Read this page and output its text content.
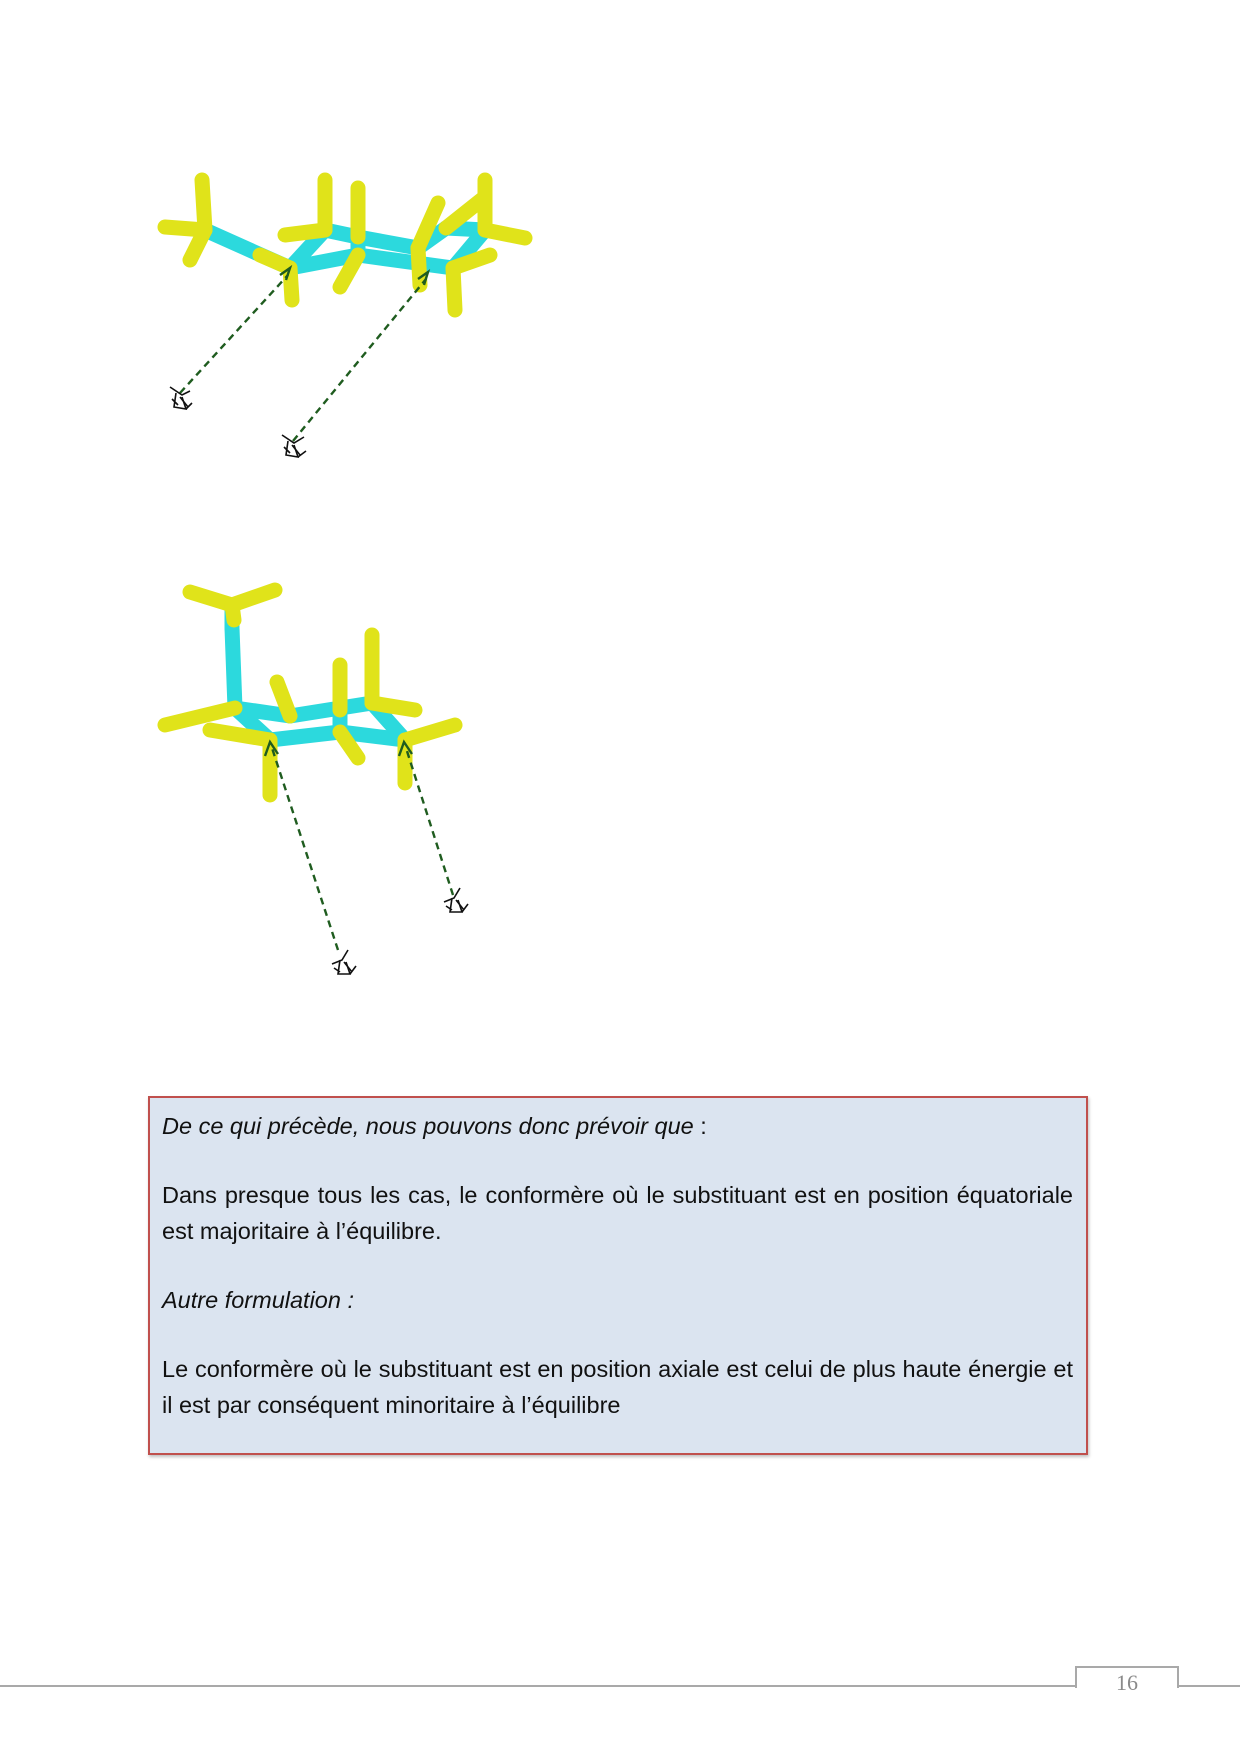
De ce qui précède, nous pouvons donc prévoir que :

Dans presque tous les cas, le conformère où le substituant est en position équatoriale est majoritaire à l’équilibre.

Autre formulation :

Le conformère où le substituant est en position axiale est celui de plus haute énergie et il est par conséquent minoritaire à l’équilibre

16
